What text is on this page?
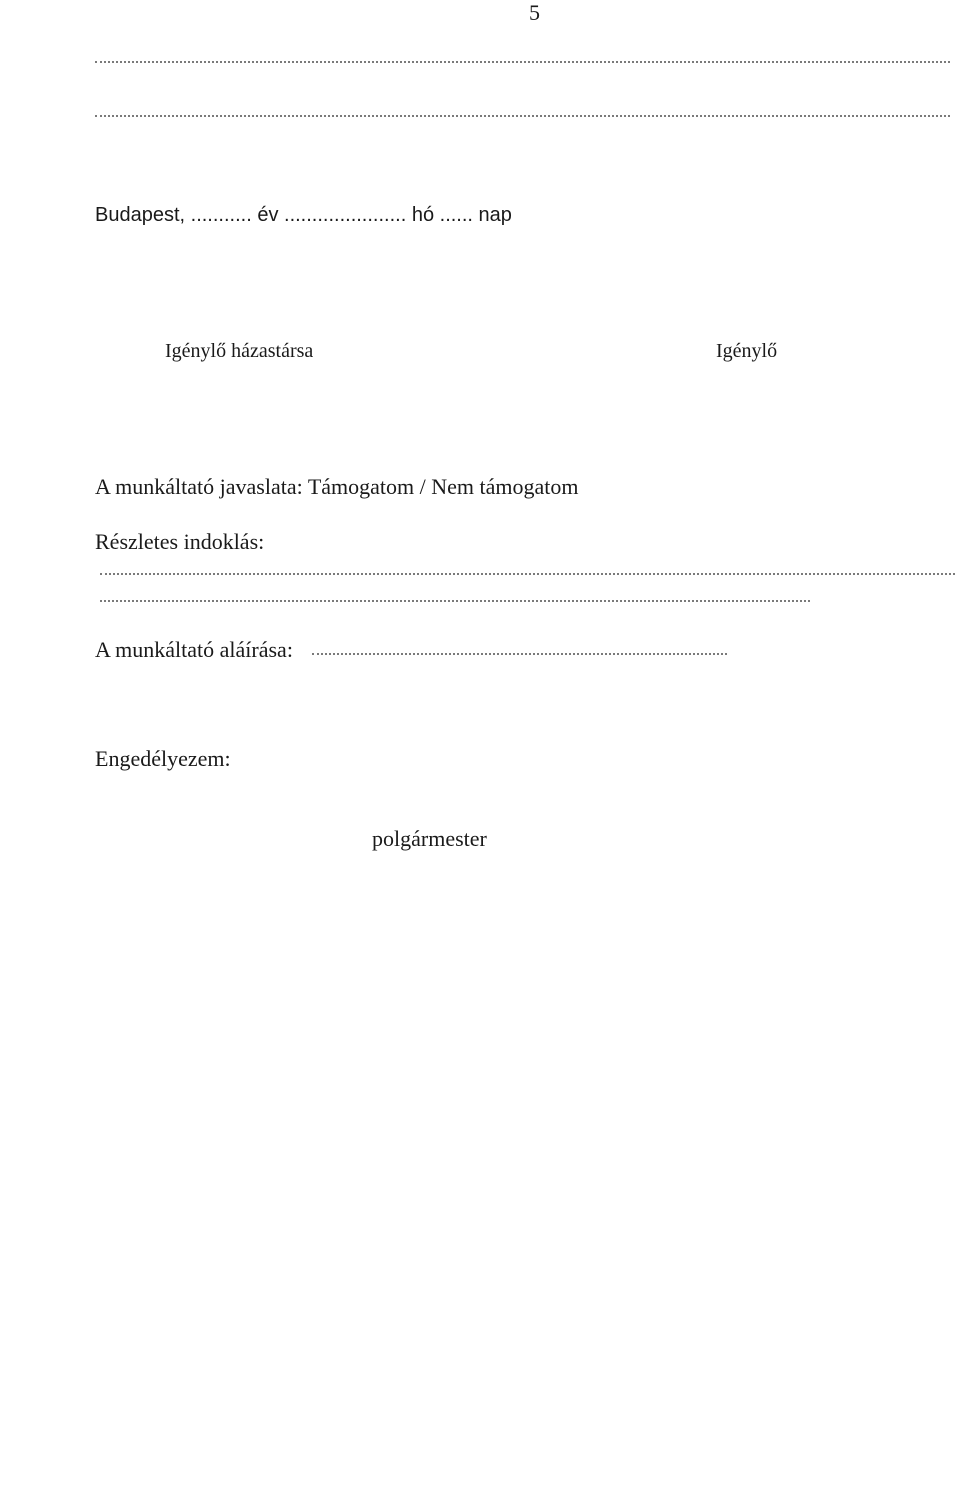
5
Budapest, ........... év ...................... hó ...... nap
Igénylő házastársa	Igénylő
A munkáltató javaslata: Támogatom / Nem támogatom
Részletes indoklás:
A munkáltató aláírása:
Engedélyezem:
polgármester
